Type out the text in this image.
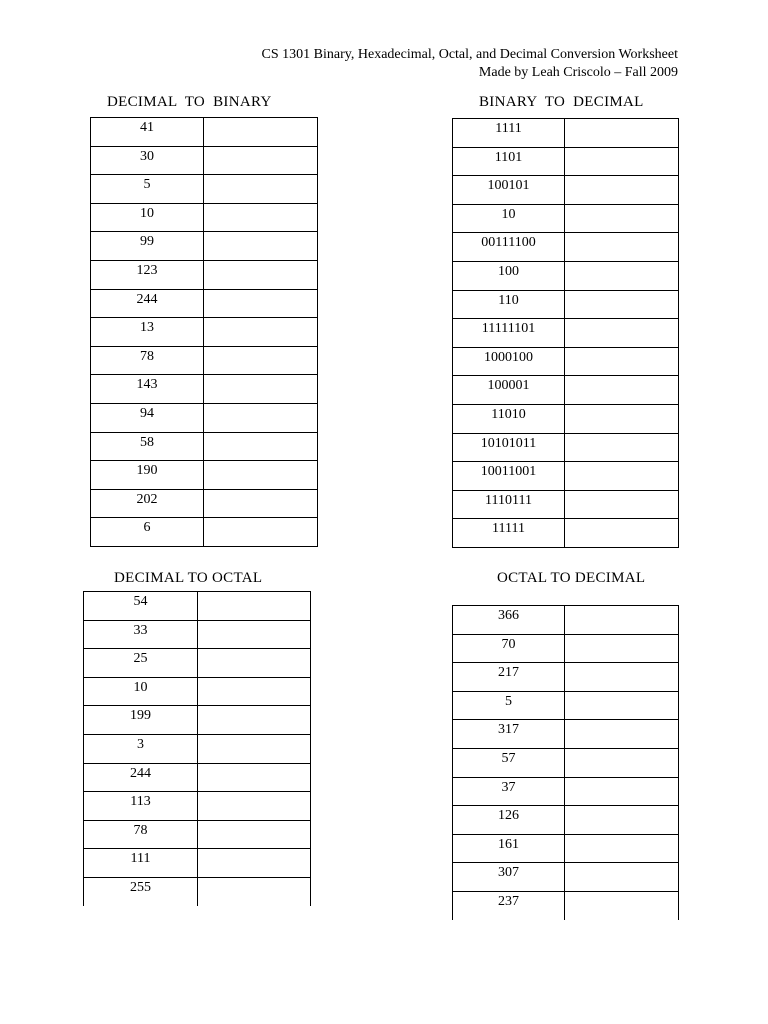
CS 1301 Binary, Hexadecimal, Octal, and Decimal Conversion Worksheet
Made by Leah Criscolo – Fall 2009
DECIMAL  TO  BINARY
41	
30	
5	
10	
99	
123	
244	
13	
78	
143	
94	
58	
190	
202	
6	
BINARY  TO  DECIMAL
1111	
1101	
100101	
10	
00111100	
100	
110	
11111101	
1000100	
100001	
11010	
10101011	
10011001	
1110111	
11111	
DECIMAL TO OCTAL
54	
33	
25	
10	
199	
3	
244	
113	
78	
111	
255	
OCTAL TO DECIMAL
366	
70	
217	
5	
317	
57	
37	
126	
161	
307	
237	
